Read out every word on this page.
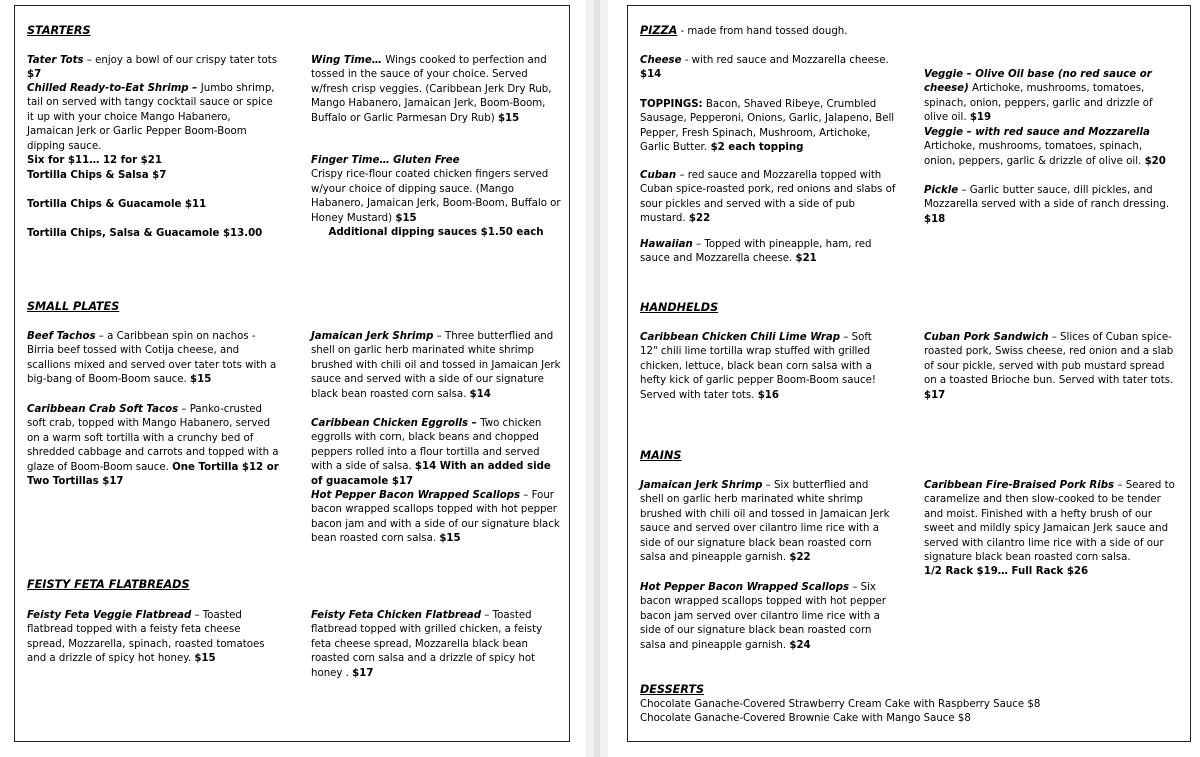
STARTERS

Tater Tots – enjoy a bowl of our crispy tater tots $7

Chilled Ready-to-Eat Shrimp – Jumbo shrimp, tail on served with tangy cocktail sauce or spice it up with your choice Mango Habanero, Jamaican Jerk or Garlic Pepper Boom-Boom dipping sauce.

Six for $11… 12 for $21

Tortilla Chips & Salsa $7
Tortilla Chips & Guacamole $11
Tortilla Chips, Salsa & Guacamole $13.00

Wing Time… Wings cooked to perfection and tossed in the sauce of your choice. Served w/fresh crisp veggies. (Caribbean Jerk Dry Rub, Mango Habanero, Jamaican Jerk, Boom-Boom, Buffalo or Garlic Parmesan Dry Rub) $15

Finger Time… Gluten Free

Crispy rice-flour coated chicken fingers served w/your choice of dipping sauce. (Mango Habanero, Jamaican Jerk, Boom-Boom, Buffalo or Honey Mustard) $15

Additional dipping sauces $1.50 each

SMALL PLATES

Beef Tachos – a Caribbean spin on nachos - Birria beef tossed with Cotija cheese, and scallions mixed and served over tater tots with a big-bang of Boom-Boom sauce. $15

Caribbean Crab Soft Tacos – Panko-crusted soft crab, topped with Mango Habanero, served on a warm soft tortilla with a crunchy bed of shredded cabbage and carrots and topped with a glaze of Boom-Boom sauce. One Tortilla $12 or Two Tortillas $17

Jamaican Jerk Shrimp – Three butterflied and shell on garlic herb marinated white shrimp brushed with chili oil and tossed in Jamaican Jerk sauce and served with a side of our signature black bean roasted corn salsa. $14

Caribbean Chicken Eggrolls – Two chicken eggrolls with corn, black beans and chopped peppers rolled into a flour tortilla and served with a side of salsa. $14 With an added side of guacamole $17

Hot Pepper Bacon Wrapped Scallops – Four bacon wrapped scallops topped with hot pepper bacon jam and with a side of our signature black bean roasted corn salsa. $15

FEISTY FETA FLATBREADS

Feisty Feta Veggie Flatbread – Toasted flatbread topped with a feisty feta cheese spread, Mozzarella, spinach, roasted tomatoes and a drizzle of spicy hot honey. $15

Feisty Feta Chicken Flatbread – Toasted flatbread topped with grilled chicken, a feisty feta cheese spread, Mozzarella black bean roasted corn salsa and a drizzle of spicy hot honey . $17

PIZZA - made from hand tossed dough.

Cheese - with red sauce and Mozzarella cheese.

$14

TOPPINGS: Bacon, Shaved Ribeye, Crumbled Sausage, Pepperoni, Onions, Garlic, Jalapeno, Bell Pepper, Fresh Spinach, Mushroom, Artichoke, Garlic Butter. $2 each topping

Cuban – red sauce and Mozzarella topped with Cuban spice-roasted pork, red onions and slabs of sour pickles and served with a side of pub mustard. $22

Hawaiian – Topped with pineapple, ham, red sauce and Mozzarella cheese. $21

Veggie – Olive Oil base (no red sauce or cheese) Artichoke, mushrooms, tomatoes, spinach, onion, peppers, garlic and drizzle of olive oil. $19

Veggie – with red sauce and Mozzarella Artichoke, mushrooms, tomatoes, spinach, onion, peppers, garlic & drizzle of olive oil. $20

Pickle – Garlic butter sauce, dill pickles, and Mozzarella served with a side of ranch dressing. $18

HANDHELDS

Caribbean Chicken Chili Lime Wrap – Soft 12" chili lime tortilla wrap stuffed with grilled chicken, lettuce, black bean corn salsa with a hefty kick of garlic pepper Boom-Boom sauce! Served with tater tots. $16

Cuban Pork Sandwich – Slices of Cuban spice-roasted pork, Swiss cheese, red onion and a slab of sour pickle, served with pub mustard spread on a toasted Brioche bun. Served with tater tots. $17

MAINS

Jamaican Jerk Shrimp – Six butterflied and shell on garlic herb marinated white shrimp brushed with chili oil and tossed in Jamaican Jerk sauce and served over cilantro lime rice with a side of our signature black bean roasted corn salsa and pineapple garnish. $22

Hot Pepper Bacon Wrapped Scallops – Six bacon wrapped scallops topped with hot pepper bacon jam served over cilantro lime rice with a side of our signature black bean roasted corn salsa and pineapple garnish. $24

Caribbean Fire-Braised Pork Ribs – Seared to caramelize and then slow-cooked to be tender and moist. Finished with a hefty brush of our sweet and mildly spicy Jamaican Jerk sauce and served with cilantro lime rice with a side of our signature black bean roasted corn salsa.

1/2 Rack $19… Full Rack $26

DESSERTS

Chocolate Ganache-Covered Strawberry Cream Cake with Raspberry Sauce $8

Chocolate Ganache-Covered Brownie Cake with Mango Sauce $8
